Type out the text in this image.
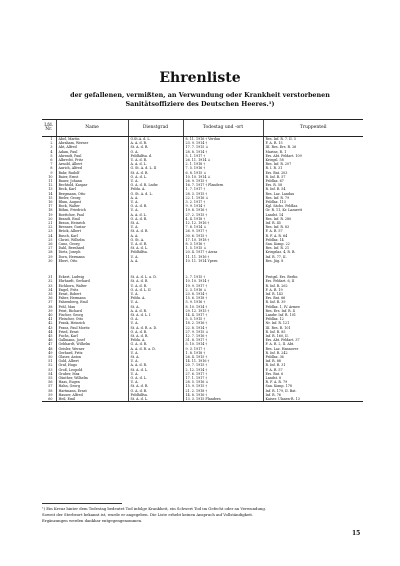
Ehrenliste
der gefallenen, vermißten, an Verwundung oder Krankheit verstorbenen
Sanitätsoffiziere des Deutschen Heeres.¹)
Lfd. Nr.	Name	Dienstgrad	Todestag und -ort	Truppenteil
1	Abel, Martin	O.St.A. d. L.	8. 11. 1916 † Verdun	Res. Inf. R. 7. II. 5
2	Abraham, Werner	A. A. d. R.	23. 9. 1914 †	F. A. R. 15
3	Abt, Alfred	St. A. d. R.	17. 7. 1915 ⚔	III. Res. Ers. R. 26
4	Adam, Paul	O. A.	28. 8. 1914 †	Marine, R. 1
5	Ahrendt, Paul	Feldhilfsa. d.	5. 1. 1917 †	Ers. Abt. Feldart. 109
6	Albrecht, Fritz	U. A. d. R.	26. 11. 1914 ⚔	Kriegsl. 58
7	Arnold, Albert	A. A. d. L.	2. 1. 1918 †	Res. Inf. R. 207
8	Aurich, Alfred	G. St. A. d. L. II	7. 5. 1916 †	R. I. R. 31
9	Bahr, Rudolf	St. A. d. R.	6. 8. 1915 ⚔	Ers. Bat. 203
10	Baier, Ernst	O. A. d. L.	10. 10. 1914 ⚔	R. Inf. R. 57
11	Bauer, Johann	U. A.	26. 9. 1915 †	Feldlaz. 67
12	Bechtold, Kaspar	O. A. d. R. Lndw.	16. 7. 1917 † Flandern	Ers. R. 58
13	Beck, Karl	Feldu. A.	1. 7. 1917 †	R. Inf. R. 54
14	Bergmann, Otto	O. St. A. d. L.	28. 3. 1915 †	Res. Laz. Landau
15	Bieler, Georg	A. A.	22. 1. 1916 ⚔	Res. Inf. R. 79
16	Blum, August	U. A.	3. 2. 1917 †	Feldlaz. 113
17	Bock, Walter	O. A. d. R.	9. 9. 1914 †	Kgl. Sächs. Feldlaz.
18	Böhm, Friedrich	U. A.	19. 8. 1916 †	Gr. R. 11, Kr. Lazarett
19	Boettcher, Paul	A. A. d. L.	27. 2. 1915 †	Landst. 14
20	Brandt, Emil	O. A. d. R.	4. 4. 1918 †	Res. Inf. R. 280
21	Braun, Heinrich	St. A.	12. 12. 1916 †	Inf. R. 45
22	Brenner, Gustav	U. A.	7. 8. 1914 ⚔	Res. Inf. R. 83
23	Brück, Albert	St. A. d. R.	26. 9. 1917 †	F. A. R. 57
24	Busch, Karl	A. A.	30. 6. 1915 †	R. F. A. R. 64
25	Christ, Wilhelm	O. St. A.	17. 10. 1918 †	Feldlaz. 14
26	Cuno, Georg	U. A. d. R.	8. 3. 1916 †	San. Komp. 22
27	Dahl, Bernhard	St. A. d. L.	1. 5. 1915 ⚔	Res. Inf. R. 21
28	Dietz, Joseph	Feldhilfsa.	20. 4. 1917 † Arras	Kriegslaz. 4, R. B.
29	Dorn, Hermann	U. A.	11. 11. 1916 †	Inf. R. 77, II.
30	Ebert, Otto	A. A.	10. 11. 1914 Ypern	Res. Jäg. 8

31	Eckert, Ludwig	St. A. d. L. a. D.	2. 7. 1915 †	Festgsl. Ers. Berlin
32	Ehrhardt, Gerhard	St. A. d. R.	10. 10. 1914 †	Ers. Feldart. 6, II
33	Eichhorn, Walter	U. A. d. R.	19. 9. 1917 †	R. Inf. R. 262
34	Engel, Fritz	O. A. d. L. II	2. 3. 1916 ⚔	F. A. R. 19
35	Ernst, Robert	U. A.	23. 8. 1914 †	Inf. R. 143
36	Faber, Hermann	Feldu. A.	15. 6. 1918 †	Ers. Bat. 66
37	Fahrenberg, Emil	U. A.	5. 9. 1916 †	R. Inf. R. 39
38	Fehl, Max	St. A.	8. 10. 1914 †	Feldlaz. 1, IV. Armee
39	Feist, Richard	A. A. d. R.	29. 12. 1915 †	Res. Ers. Inf. R. 4
40	Fischer, Georg	St. A. d. L. I	14. 4. 1917 †	Landw. Inf. R. 101
41	Fleischer, Otto	O. A.	5. 5. 1915 †	Feldlaz. 12
42	Frank, Heinrich	U. A.	18. 2. 1916 †	Nr. Inf. R. 121
43	Franz, Paul Moritz	St. A. d. R. a. D.	22. 8. 1914 †	III. Res. R. 101
44	Fried, Ernst	O. A. d. R.	27. 9. 1915 ⚔	R. Inf. R. 85
45	Fuchs, Karl	St. A. d. R.	12. 7. 1916 †	Inf. R. 160, II.
46	Gallmann, Josef	Feldu. A.	31. 8. 1917 †	Ers. Abt. Feldart. 37
47	Gebhardt, Wilhelm	G. A. d. R.	5. 10. 1914 †	F. A. R. 2, II. Abt.
48	Geisler, Werner	A. A. d. R. a. D.	9. 3. 1917 †	Res. Laz. Hannover
49	Gerhard, Fritz	U. A.	1. 8. 1918 †	R. Inf. R. 242
50	Glaser, Anton	St. A.	26. 4. 1915 †	Feldlaz. 36
51	Gold, Albert	U. A.	14. 11. 1916 †	Inf. R. 88
52	Graf, Hugo	A. A. d. R.	20. 7. 1915 †	R. Inf. R. 31
53	Groß, Leopold	St. A. d. L.	2. 12. 1914 †	F. A. R. 57
54	Gruber, Max	U. A.	27. 6. 1917 †	Ers. Bat. 6
55	Günther, Wilhelm	O. A. d. L.	17. 1. 1917 †	Landst. 8
56	Haas, Eugen	U. A.	28. 5. 1916 ⚔	R. F. A. R. 79
57	Hahn, Georg	St. A. d. R.	15. 9. 1915 †	San. Komp. 178
58	Hartmann, Ernst	O. A. d. R.	21. 2. 1918 †	Inf. R. 179, II. Bat.
59	Hauser, Alfred	Feldhilfsa.	14. 8. 1916 †	Inf. R. 76
60	Heil, Emil	St. A. d. L.	13. 3. 1915 Flandern	Kaiser. Ulanen-R. 13
¹) Ein Kreuz hinter dem Todestag bedeutet Tod infolge Krankheit, ein Schwert Tod im Gefecht oder an Verwundung.
Soweit der Sterbeort bekannt ist, wurde er angegeben. Die Liste erhebt keinen Anspruch auf Vollständigkeit.
Ergänzungen werden dankbar entgegengenommen.
15
